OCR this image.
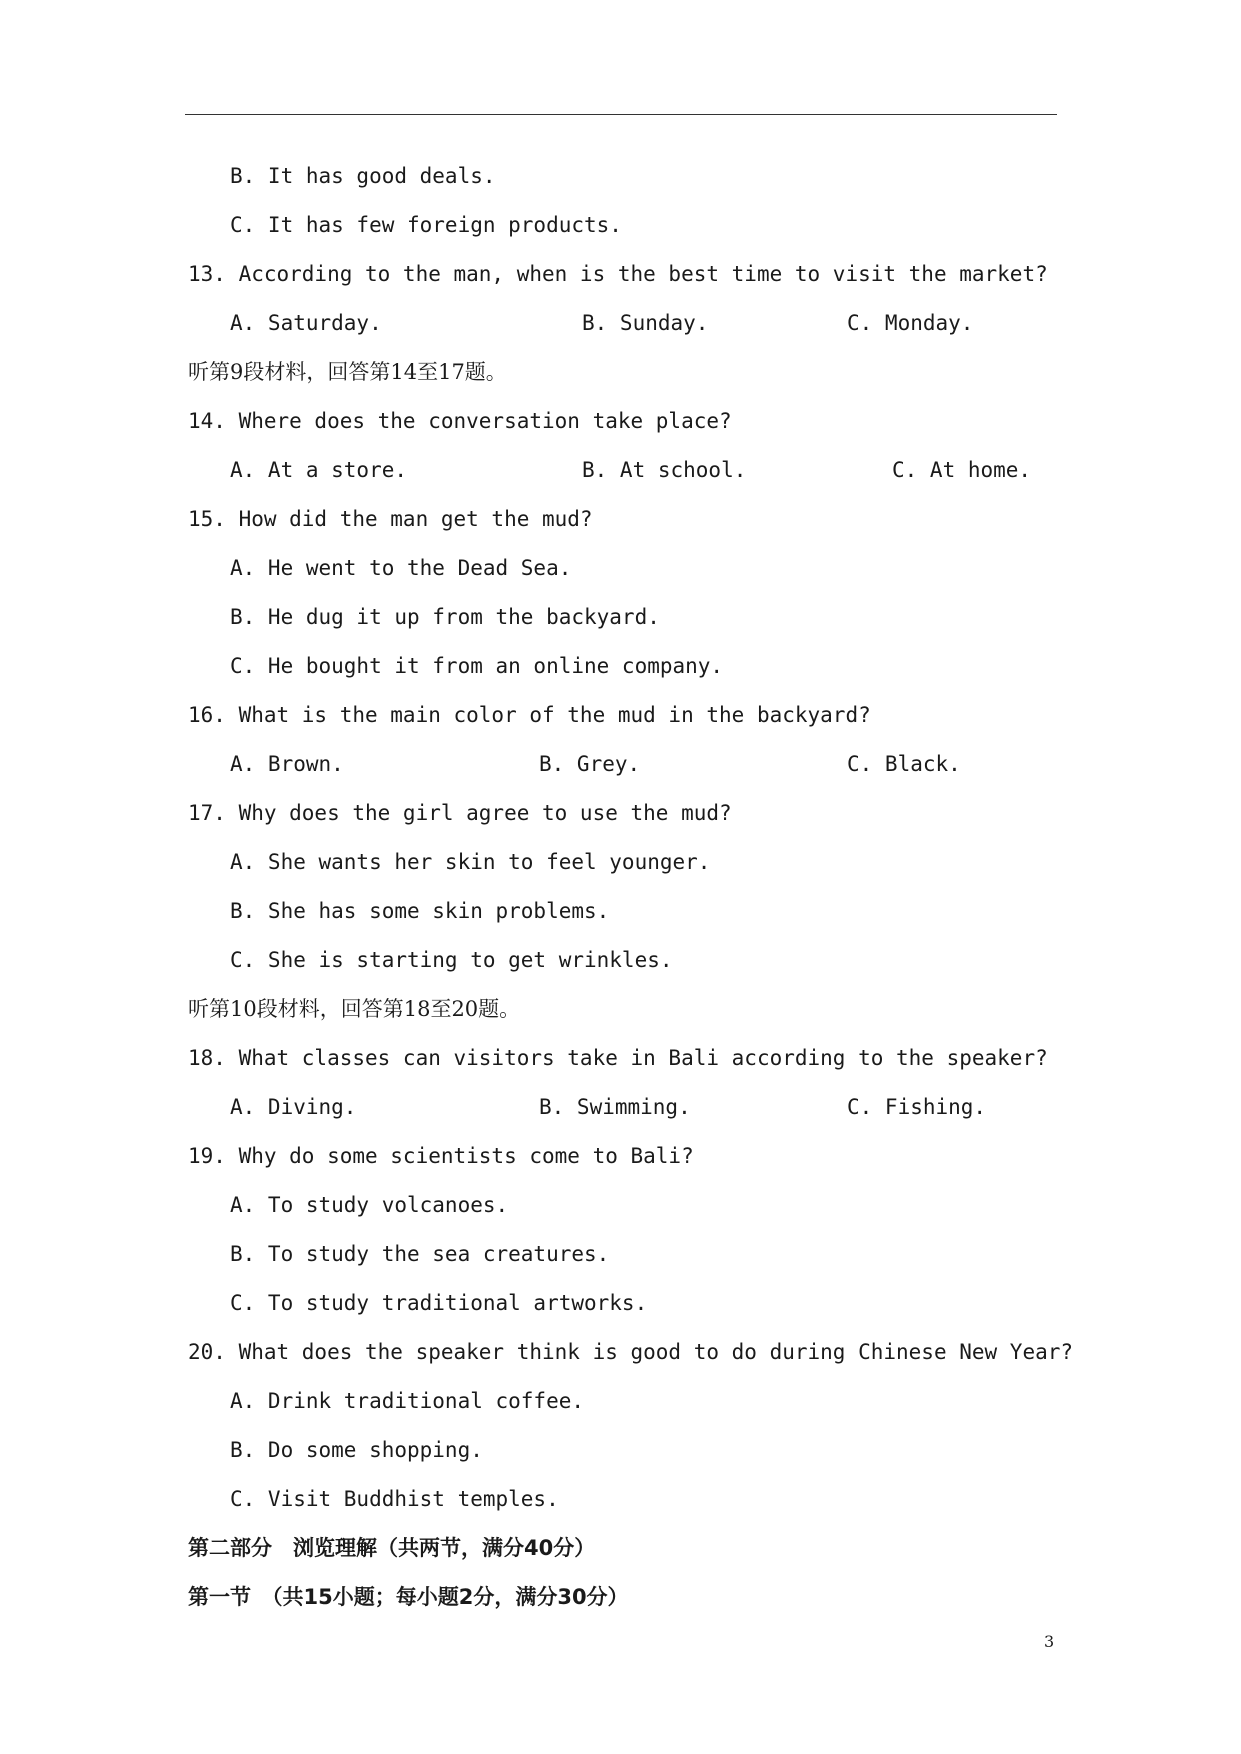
B. It has good deals.
C. It has few foreign products.
13. According to the man, when is the best time to visit the market?
A. Saturday.	B. Sunday.	C. Monday.
听第9段材料，回答第14至17题。
14. Where does the conversation take place?
A. At a store.	B. At school.	C. At home.
15. How did the man get the mud?
A. He went to the Dead Sea.
B. He dug it up from the backyard.
C. He bought it from an online company.
16. What is the main color of the mud in the backyard?
A. Brown.	B. Grey.	C. Black.
17. Why does the girl agree to use the mud?
A. She wants her skin to feel younger.
B. She has some skin problems.
C. She is starting to get wrinkles.
听第10段材料，回答第18至20题。
18. What classes can visitors take in Bali according to the speaker?
A. Diving.	B. Swimming.	C. Fishing.
19. Why do some scientists come to Bali?
A. To study volcanoes.
B. To study the sea creatures.
C. To study traditional artworks.
20. What does the speaker think is good to do during Chinese New Year?
A. Drink traditional coffee.
B. Do some shopping.
C. Visit Buddhist temples.
第二部分　浏览理解（共两节，满分40分）
第一节　（共15小题；每小题2分，满分30分）
3
